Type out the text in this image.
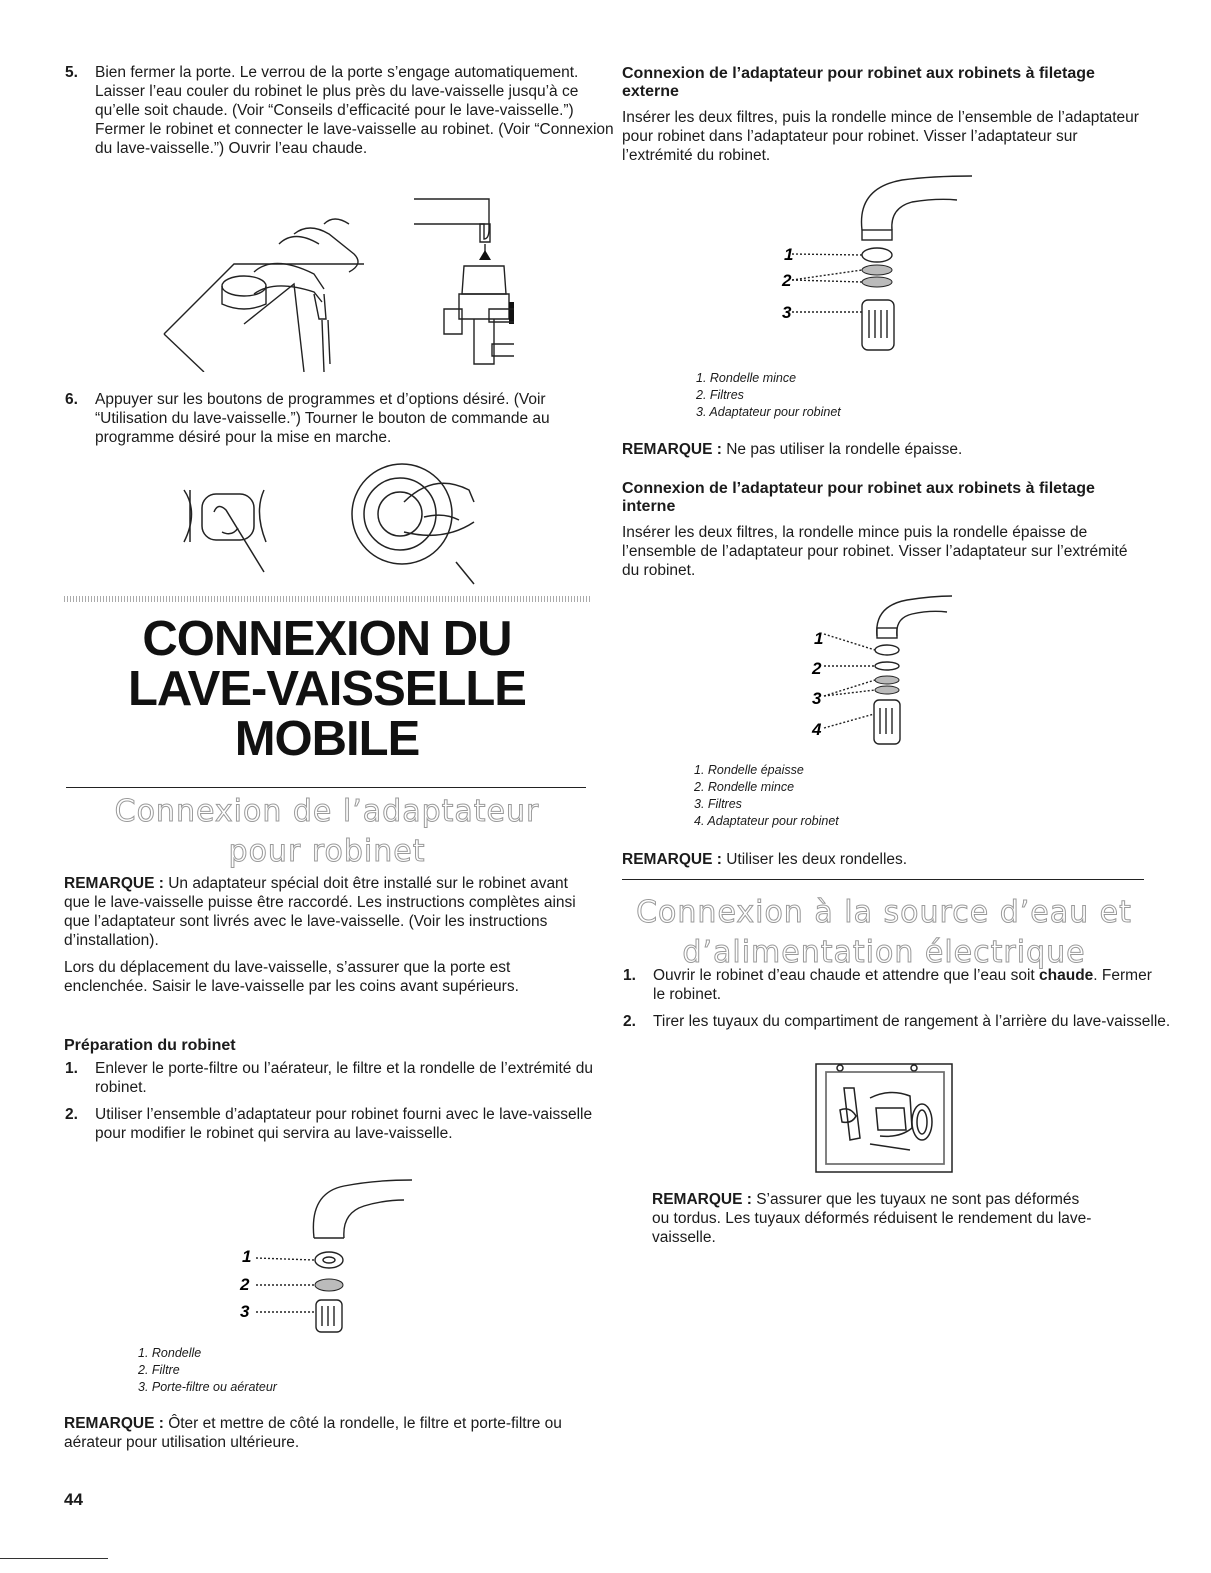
5. Bien fermer la porte. Le verrou de la porte s’engage automatiquement. Laisser l’eau couler du robinet le plus près du lave-vaisselle jusqu’à ce qu’elle soit chaude. (Voir “Conseils d’efficacité pour le lave-vaisselle.”) Fermer le robinet et connecter le lave-vaisselle au robinet. (Voir “Connexion du lave-vaisselle.”) Ouvrir l’eau chaude.

6. Appuyer sur les boutons de programmes et d’options désiré. (Voir “Utilisation du lave-vaisselle.”) Tourner le bouton de commande au programme désiré pour la mise en marche.

CONNEXION DU
LAVE-VAISSELLE
MOBILE
Connexion de l’adaptateur
pour robinet

REMARQUE : Un adaptateur spécial doit être installé sur le robinet avant que le lave-vaisselle puisse être raccordé. Les instructions complètes ainsi que l’adaptateur sont livrés avec le lave-vaisselle. (Voir les instructions d’installation).

Lors du déplacement du lave-vaisselle, s’assurer que la porte est enclenchée. Saisir le lave-vaisselle par les coins avant supérieurs.

Préparation du robinet
1. Enlever le porte-filtre ou l’aérateur, le filtre et la rondelle de l’extrémité du robinet.

2. Utiliser l’ensemble d’adaptateur pour robinet fourni avec le lave-vaisselle pour modifier le robinet qui servira au lave-vaisselle.

1
2
3
1. Rondelle
2. Filtre
3. Porte-filtre ou aérateur

REMARQUE : Ôter et mettre de côté la rondelle, le filtre et porte-filtre ou aérateur pour utilisation ultérieure.

Connexion de l’adaptateur pour robinet aux robinets à filetage externe

Insérer les deux filtres, puis la rondelle mince de l’ensemble de l’adaptateur pour robinet dans l’adaptateur pour robinet. Visser l’adaptateur sur l’extrémité du robinet.

1
2
3
1. Rondelle mince
2. Filtres
3. Adaptateur pour robinet

REMARQUE : Ne pas utiliser la rondelle épaisse.

Connexion de l’adaptateur pour robinet aux robinets à filetage interne

Insérer les deux filtres, la rondelle mince puis la rondelle épaisse de l’ensemble de l’adaptateur pour robinet. Visser l’adaptateur sur l’extrémité du robinet.

1
2
3
4
1. Rondelle épaisse
2. Rondelle mince
3. Filtres
4. Adaptateur pour robinet

REMARQUE : Utiliser les deux rondelles.

Connexion à la source d’eau et
d’alimentation électrique
1. Ouvrir le robinet d’eau chaude et attendre que l’eau soit chaude. Fermer le robinet.

2. Tirer les tuyaux du compartiment de rangement à l’arrière du lave-vaisselle.

REMARQUE : S’assurer que les tuyaux ne sont pas déformés ou tordus. Les tuyaux déformés réduisent le rendement du lave-vaisselle.

44
